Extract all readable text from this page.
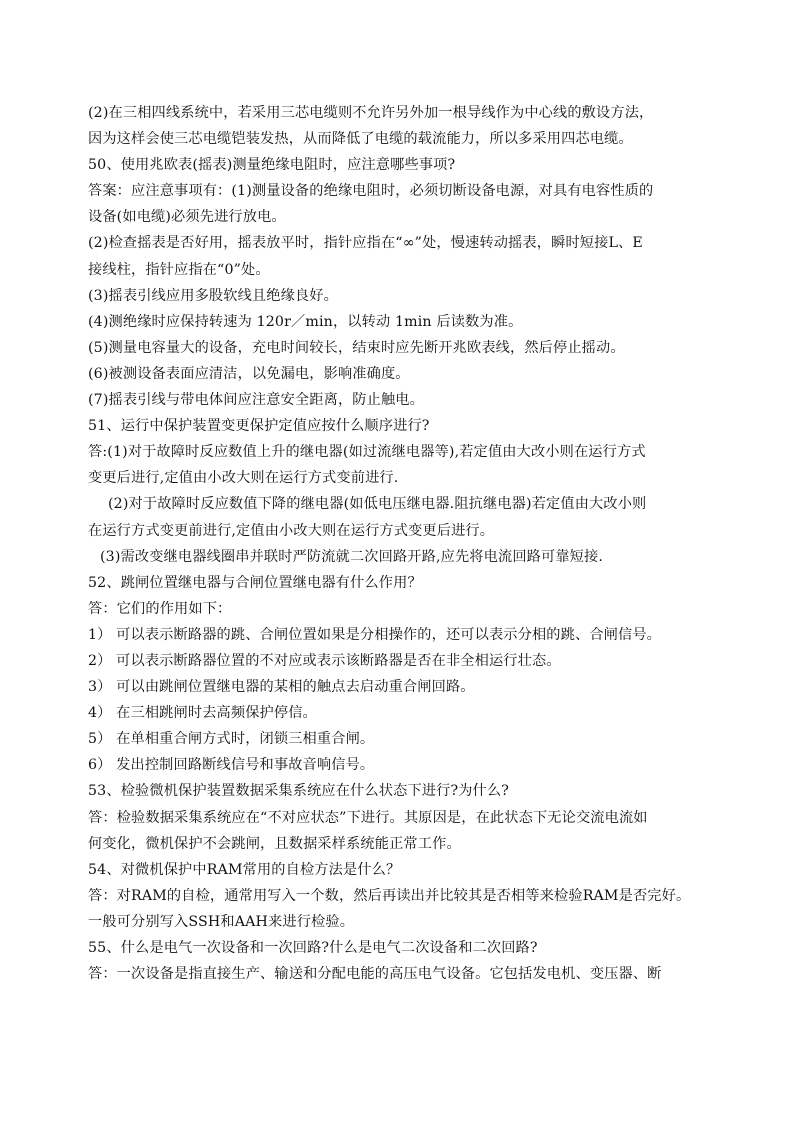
(2)在三相四线系统中，若采用三芯电缆则不允许另外加一根导线作为中心线的敷设方法，
因为这样会使三芯电缆铠装发热，从而降低了电缆的载流能力，所以多采用四芯电缆。
50、使用兆欧表(摇表)测量绝缘电阻时，应注意哪些事项?
答案：应注意事项有：(1)测量设备的绝缘电阻时，必须切断设备电源，对具有电容性质的
设备(如电缆)必须先进行放电。
(2)检查摇表是否好用，摇表放平时，指针应指在“∞”处，慢速转动摇表，瞬时短接L、E
接线柱，指针应指在“0”处。
(3)摇表引线应用多股软线且绝缘良好。
(4)测绝缘时应保持转速为 120r／min，以转动 1min 后读数为准。
(5)测量电容量大的设备，充电时间较长，结束时应先断开兆欧表线，然后停止摇动。
(6)被测设备表面应清洁，以免漏电，影响准确度。
(7)摇表引线与带电体间应注意安全距离，防止触电。
51、运行中保护装置变更保护定值应按什么顺序进行?
答:(1)对于故障时反应数值上升的继电器(如过流继电器等),若定值由大改小则在运行方式
变更后进行,定值由小改大则在运行方式变前进行.
(2)对于故障时反应数值下降的继电器(如低电压继电器.阻抗继电器)若定值由大改小则
在运行方式变更前进行,定值由小改大则在运行方式变更后进行。
(3)需改变继电器线圈串并联时严防流就二次回路开路,应先将电流回路可靠短接.
52、跳闸位置继电器与合闸位置继电器有什么作用？
答：它们的作用如下：
1） 可以表示断路器的跳、合闸位置如果是分相操作的，还可以表示分相的跳、合闸信号。
2） 可以表示断路器位置的不对应或表示该断路器是否在非全相运行壮态。
3） 可以由跳闸位置继电器的某相的触点去启动重合闸回路。
4） 在三相跳闸时去高频保护停信。
5） 在单相重合闸方式时，闭锁三相重合闸。
6） 发出控制回路断线信号和事故音响信号。
53、检验微机保护装置数据采集系统应在什么状态下进行?为什么?
答：检验数据采集系统应在“不对应状态”下进行。其原因是，在此状态下无论交流电流如
何变化，微机保护不会跳闸，且数据采样系统能正常工作。
54、对微机保护中RAM常用的自检方法是什么？
答：对RAM的自检，通常用写入一个数，然后再读出并比较其是否相等来检验RAM是否完好。
一般可分别写入SSH和AAH来进行检验。
55、什么是电气一次设备和一次回路?什么是电气二次设备和二次回路?
答：一次设备是指直接生产、输送和分配电能的高压电气设备。它包括发电机、变压器、断
